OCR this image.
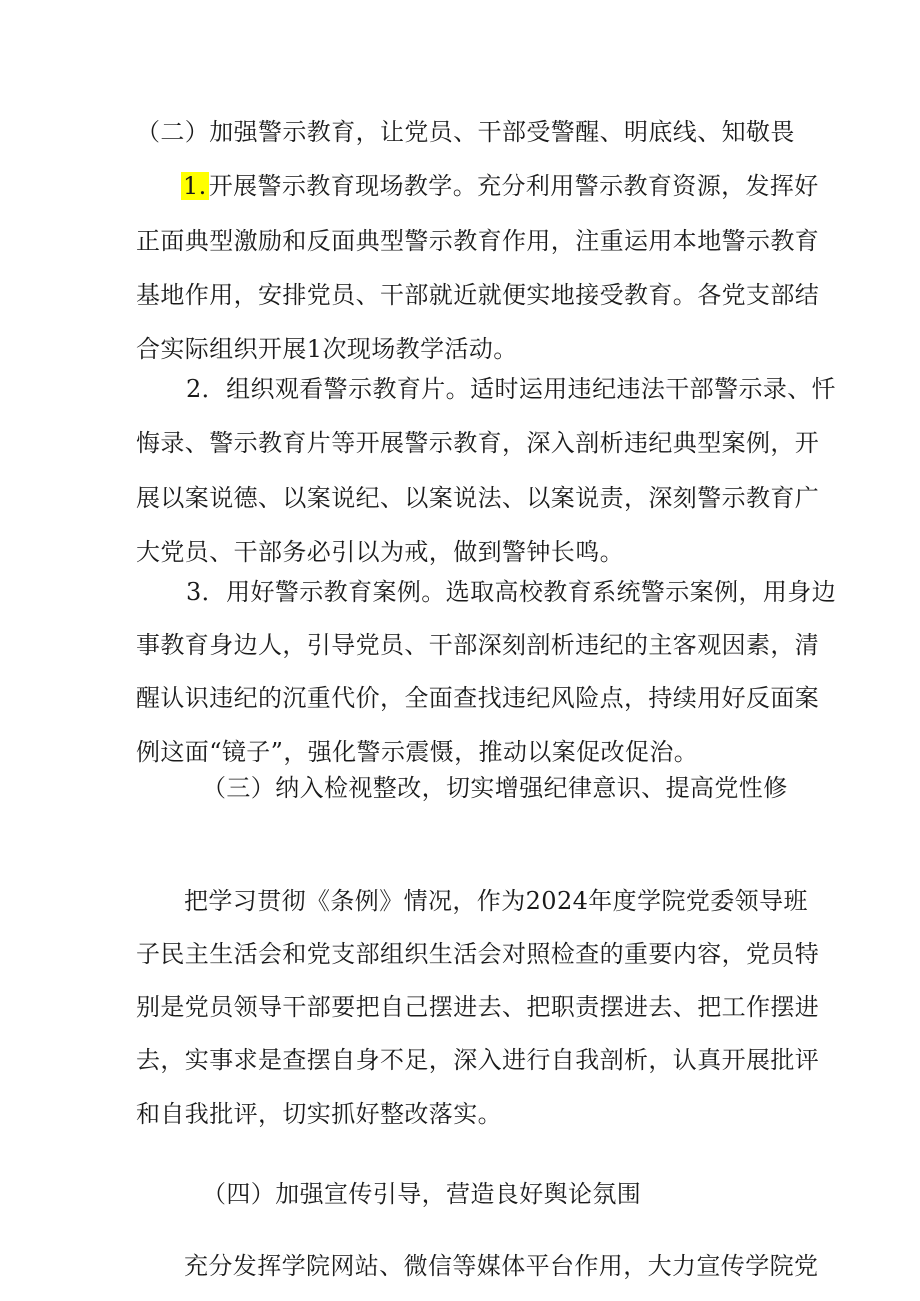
（二）加强警示教育，让党员、干部受警醒、明底线、知敬畏
1.开展警示教育现场教学。充分利用警示教育资源，发挥好
正面典型激励和反面典型警示教育作用，注重运用本地警示教育
基地作用，安排党员、干部就近就便实地接受教育。各党支部结
合实际组织开展1次现场教学活动。
2．组织观看警示教育片。适时运用违纪违法干部警示录、忏
悔录、警示教育片等开展警示教育，深入剖析违纪典型案例，开
展以案说德、以案说纪、以案说法、以案说责，深刻警示教育广
大党员、干部务必引以为戒，做到警钟长鸣。
3．用好警示教育案例。选取高校教育系统警示案例，用身边
事教育身边人，引导党员、干部深刻剖析违纪的主客观因素，清
醒认识违纪的沉重代价，全面查找违纪风险点，持续用好反面案
例这面“镜子”，强化警示震慑，推动以案促改促治。
（三）纳入检视整改，切实增强纪律意识、提高党性修
把学习贯彻《条例》情况，作为2024年度学院党委领导班
子民主生活会和党支部组织生活会对照检查的重要内容，党员特
别是党员领导干部要把自己摆进去、把职责摆进去、把工作摆进
去，实事求是查摆自身不足，深入进行自我剖析，认真开展批评
和自我批评，切实抓好整改落实。
（四）加强宣传引导，营造良好舆论氛围
充分发挥学院网站、微信等媒体平台作用，大力宣传学院党
